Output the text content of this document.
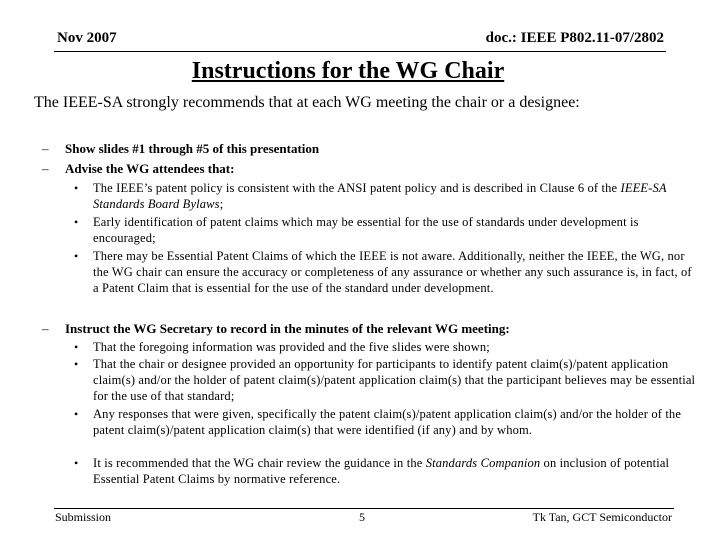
Nov 2007	doc.: IEEE P802.11-07/2802
Instructions for the WG Chair
The IEEE-SA strongly recommends that at each WG meeting the chair or a designee:
– Show slides #1 through #5 of this presentation
– Advise the WG attendees that:
• The IEEE’s patent policy is consistent with the ANSI patent policy and is described in Clause 6 of the IEEE-SA Standards Board Bylaws;
• Early identification of patent claims which may be essential for the use of standards under development is encouraged;
• There may be Essential Patent Claims of which the IEEE is not aware. Additionally, neither the IEEE, the WG, nor the WG chair can ensure the accuracy or completeness of any assurance or whether any such assurance is, in fact, of a Patent Claim that is essential for the use of the standard under development.
– Instruct the WG Secretary to record in the minutes of the relevant WG meeting:
• That the foregoing information was provided and the five slides were shown;
• That the chair or designee provided an opportunity for participants to identify patent claim(s)/patent application claim(s) and/or the holder of patent claim(s)/patent application claim(s) that the participant believes may be essential for the use of that standard;
• Any responses that were given, specifically the patent claim(s)/patent application claim(s) and/or the holder of the patent claim(s)/patent application claim(s) that were identified (if any) and by whom.
• It is recommended that the WG chair review the guidance in the Standards Companion on inclusion of potential Essential Patent Claims by normative reference.
Submission	5	Tk Tan, GCT Semiconductor
